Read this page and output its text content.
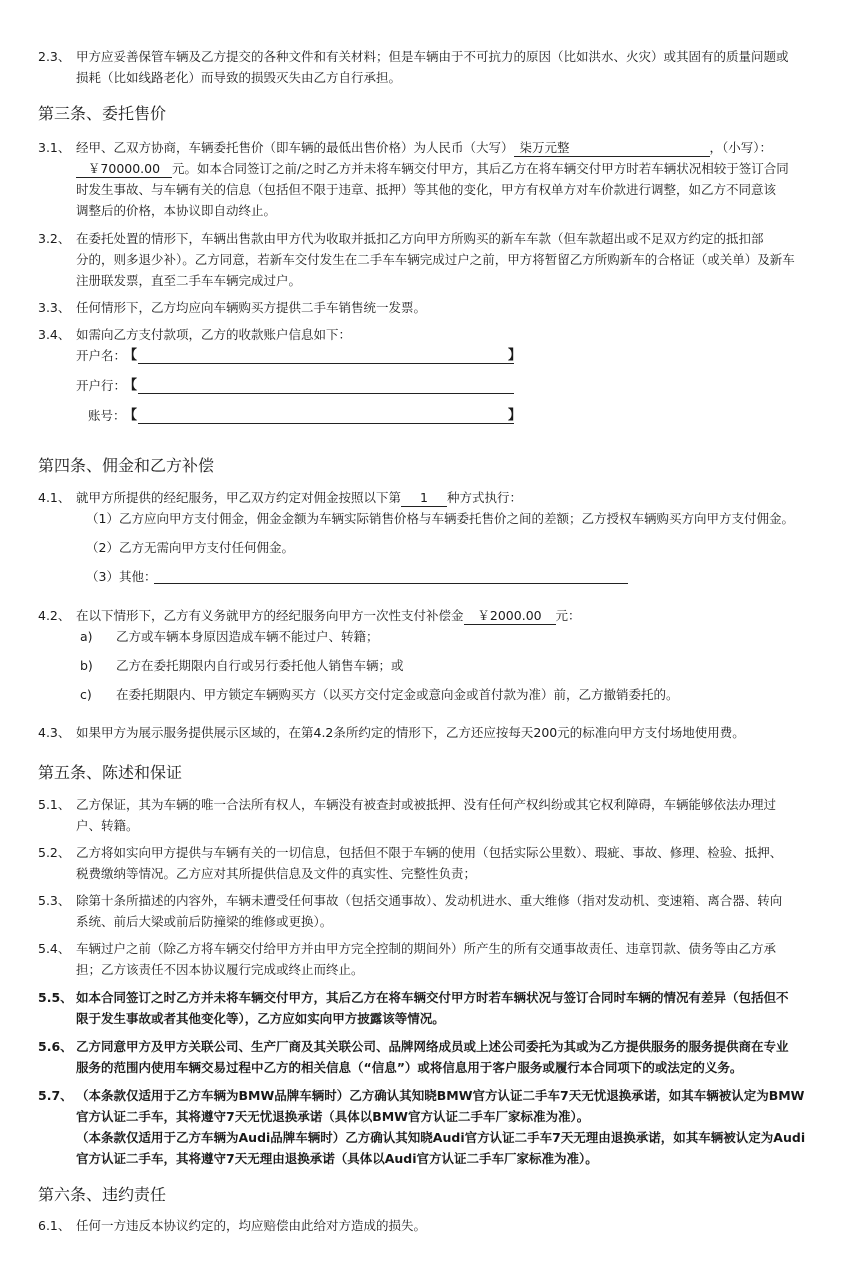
2.3、 甲方应妥善保管车辆及乙方提交的各种文件和有关材料；但是车辆由于不可抗力的原因（比如洪水、火灾）或其固有的质量问题或
损耗（比如线路老化）而导致的损毁灭失由乙方自行承担。
第三条、委托售价
3.1、 经甲、乙双方协商，车辆委托售价（即车辆的最低出售价格）为人民币（大写） 柒万元整	，（小写）：
￥70000.00 元。如本合同签订之前/之时乙方并未将车辆交付甲方，其后乙方在将车辆交付甲方时若车辆状况相较于签订合同
时发生事故、与车辆有关的信息（包括但不限于违章、抵押）等其他的变化，甲方有权单方对车价款进行调整，如乙方不同意该
调整后的价格，本协议即自动终止。
3.2、 在委托处置的情形下，车辆出售款由甲方代为收取并抵扣乙方向甲方所购买的新车车款（但车款超出或不足双方约定的抵扣部
分的，则多退少补）。乙方同意，若新车交付发生在二手车车辆完成过户之前，甲方将暂留乙方所购新车的合格证（或关单）及新车
注册联发票，直至二手车车辆完成过户。
3.3、 任何情形下，乙方均应向车辆购买方提供二手车销售统一发票。
3.4、 如需向乙方支付款项，乙方的收款账户信息如下：
开户名：
【	】
开户行：
【
账号：
【	】
第四条、佣金和乙方补偿
4.1、 就甲方所提供的经纪服务，甲乙双方约定对佣金按照以下第 1 种方式执行：
（1）乙方应向甲方支付佣金，佣金金额为车辆实际销售价格与车辆委托售价之间的差额；乙方授权车辆购买方向甲方支付佣金。
（2）乙方无需向甲方支付任何佣金。
（3）其他：
4.2、 在以下情形下，乙方有义务就甲方的经纪服务向甲方一次性支付补偿金 ￥2000.00 元：
a) 乙方或车辆本身原因造成车辆不能过户、转籍；
b) 乙方在委托期限内自行或另行委托他人销售车辆；或
c) 在委托期限内、甲方锁定车辆购买方（以买方交付定金或意向金或首付款为准）前，乙方撤销委托的。
4.3、 如果甲方为展示服务提供展示区域的，在第4.2条所约定的情形下，乙方还应按每天200元的标准向甲方支付场地使用费。
第五条、陈述和保证
5.1、 乙方保证，其为车辆的唯一合法所有权人，车辆没有被查封或被抵押、没有任何产权纠纷或其它权利障碍，车辆能够依法办理过
户、转籍。
5.2、 乙方将如实向甲方提供与车辆有关的一切信息，包括但不限于车辆的使用（包括实际公里数）、瑕疵、事故、修理、检验、抵押、
税费缴纳等情况。乙方应对其所提供信息及文件的真实性、完整性负责；
5.3、 除第十条所描述的内容外，车辆未遭受任何事故（包括交通事故）、发动机进水、重大维修（指对发动机、变速箱、离合器、转向
系统、前后大梁或前后防撞梁的维修或更换）。
5.4、 车辆过户之前（除乙方将车辆交付给甲方并由甲方完全控制的期间外）所产生的所有交通事故责任、违章罚款、债务等由乙方承
担；乙方该责任不因本协议履行完成或终止而终止。
5.5、 如本合同签订之时乙方并未将车辆交付甲方，其后乙方在将车辆交付甲方时若车辆状况与签订合同时车辆的情况有差异（包括但不
限于发生事故或者其他变化等），乙方应如实向甲方披露该等情况。
5.6、 乙方同意甲方及甲方关联公司、生产厂商及其关联公司、品牌网络成员或上述公司委托为其或为乙方提供服务的服务提供商在专业
服务的范围内使用车辆交易过程中乙方的相关信息（“信息”）或将信息用于客户服务或履行本合同项下的或法定的义务。
5.7、 （本条款仅适用于乙方车辆为BMW品牌车辆时）乙方确认其知晓BMW官方认证二手车7天无忧退换承诺，如其车辆被认定为BMW
官方认证二手车，其将遵守7天无忧退换承诺（具体以BMW官方认证二手车厂家标准为准）。
（本条款仅适用于乙方车辆为Audi品牌车辆时）乙方确认其知晓Audi官方认证二手车7天无理由退换承诺，如其车辆被认定为Audi
官方认证二手车，其将遵守7天无理由退换承诺（具体以Audi官方认证二手车厂家标准为准）。
第六条、违约责任
6.1、 任何一方违反本协议约定的，均应赔偿由此给对方造成的损失。
